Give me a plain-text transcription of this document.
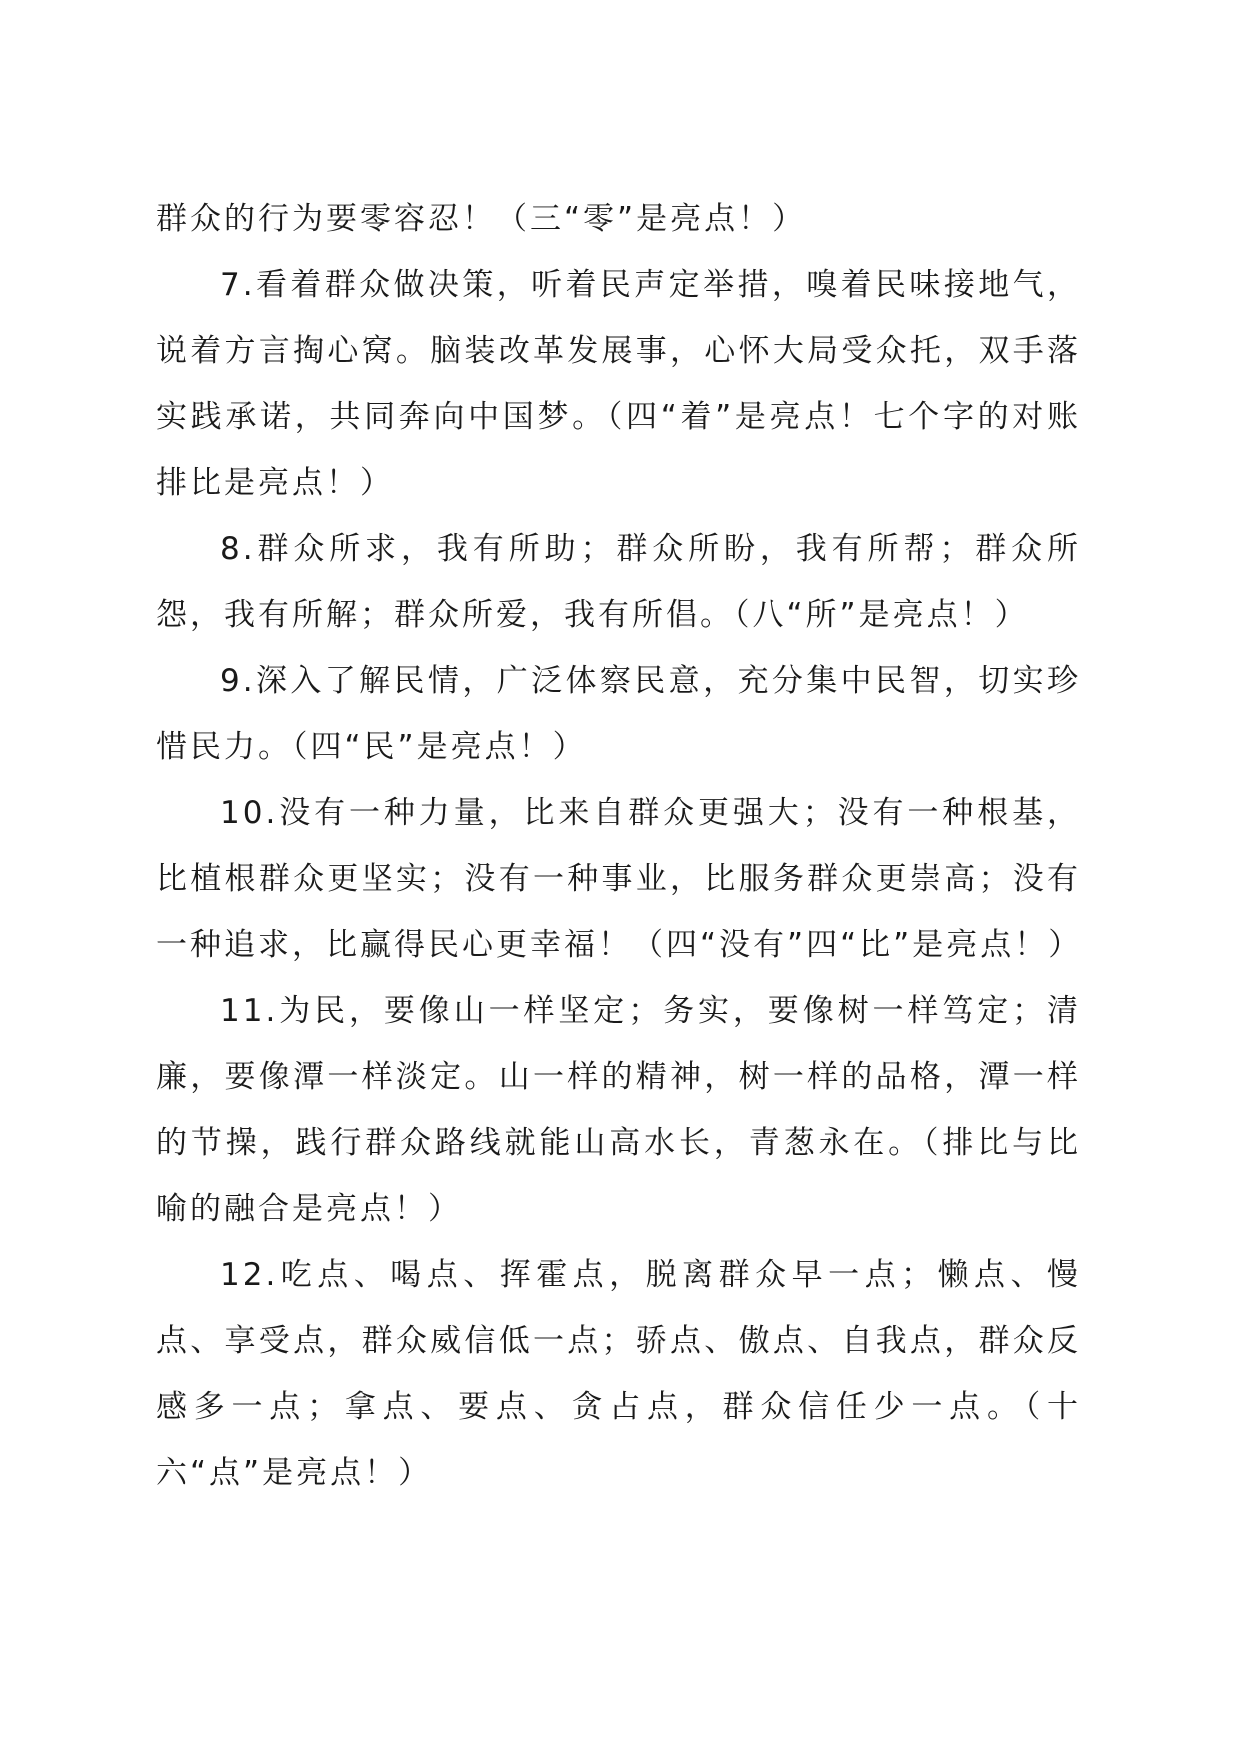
群众的行为要零容忍！（三“零”是亮点！）

7.看着群众做决策，听着民声定举措，嗅着民味接地气，说着方言掏心窝。脑装改革发展事，心怀大局受众托，双手落实践承诺，共同奔向中国梦。（四“着”是亮点！七个字的对账排比是亮点！）

8.群众所求，我有所助；群众所盼，我有所帮；群众所怨，我有所解；群众所爱，我有所倡。（八“所”是亮点！）

9.深入了解民情，广泛体察民意，充分集中民智，切实珍惜民力。（四“民”是亮点！）

10.没有一种力量，比来自群众更强大；没有一种根基，比植根群众更坚实；没有一种事业，比服务群众更崇高；没有一种追求，比赢得民心更幸福！（四“没有”四“比”是亮点！）

11.为民，要像山一样坚定；务实，要像树一样笃定；清廉，要像潭一样淡定。山一样的精神，树一样的品格，潭一样的节操，践行群众路线就能山高水长，青葱永在。（排比与比喻的融合是亮点！）

12.吃点、喝点、挥霍点，脱离群众早一点；懒点、慢点、享受点，群众威信低一点；骄点、傲点、自我点，群众反感多一点；拿点、要点、贪占点，群众信任少一点。（十六“点”是亮点！）
